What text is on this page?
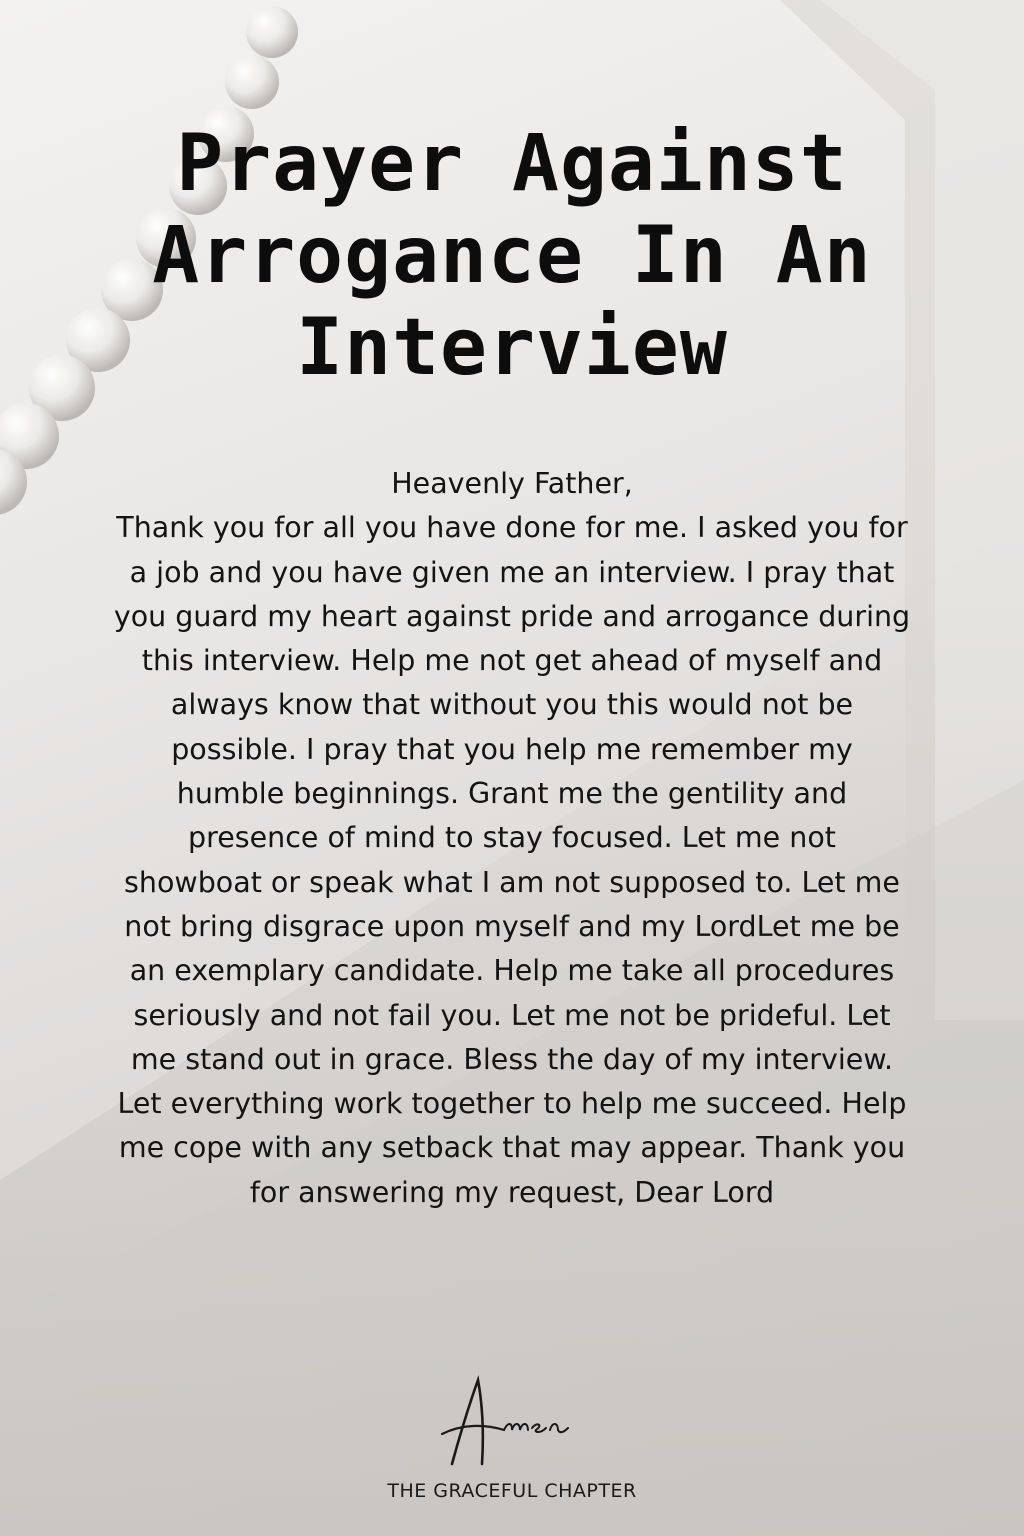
Prayer Against
Arrogance In An
Interview
Heavenly Father,
Thank you for all you have done for me. I asked you for
a job and you have given me an interview. I pray that
you guard my heart against pride and arrogance during
this interview. Help me not get ahead of myself and
always know that without you this would not be
possible. I pray that you help me remember my
humble beginnings. Grant me the gentility and
presence of mind to stay focused. Let me not
showboat or speak what I am not supposed to. Let me
not bring disgrace upon myself and my LordLet me be
an exemplary candidate. Help me take all procedures
seriously and not fail you. Let me not be prideful. Let
me stand out in grace. Bless the day of my interview.
Let everything work together to help me succeed. Help
me cope with any setback that may appear. Thank you
for answering my request, Dear Lord
THE GRACEFUL CHAPTER
